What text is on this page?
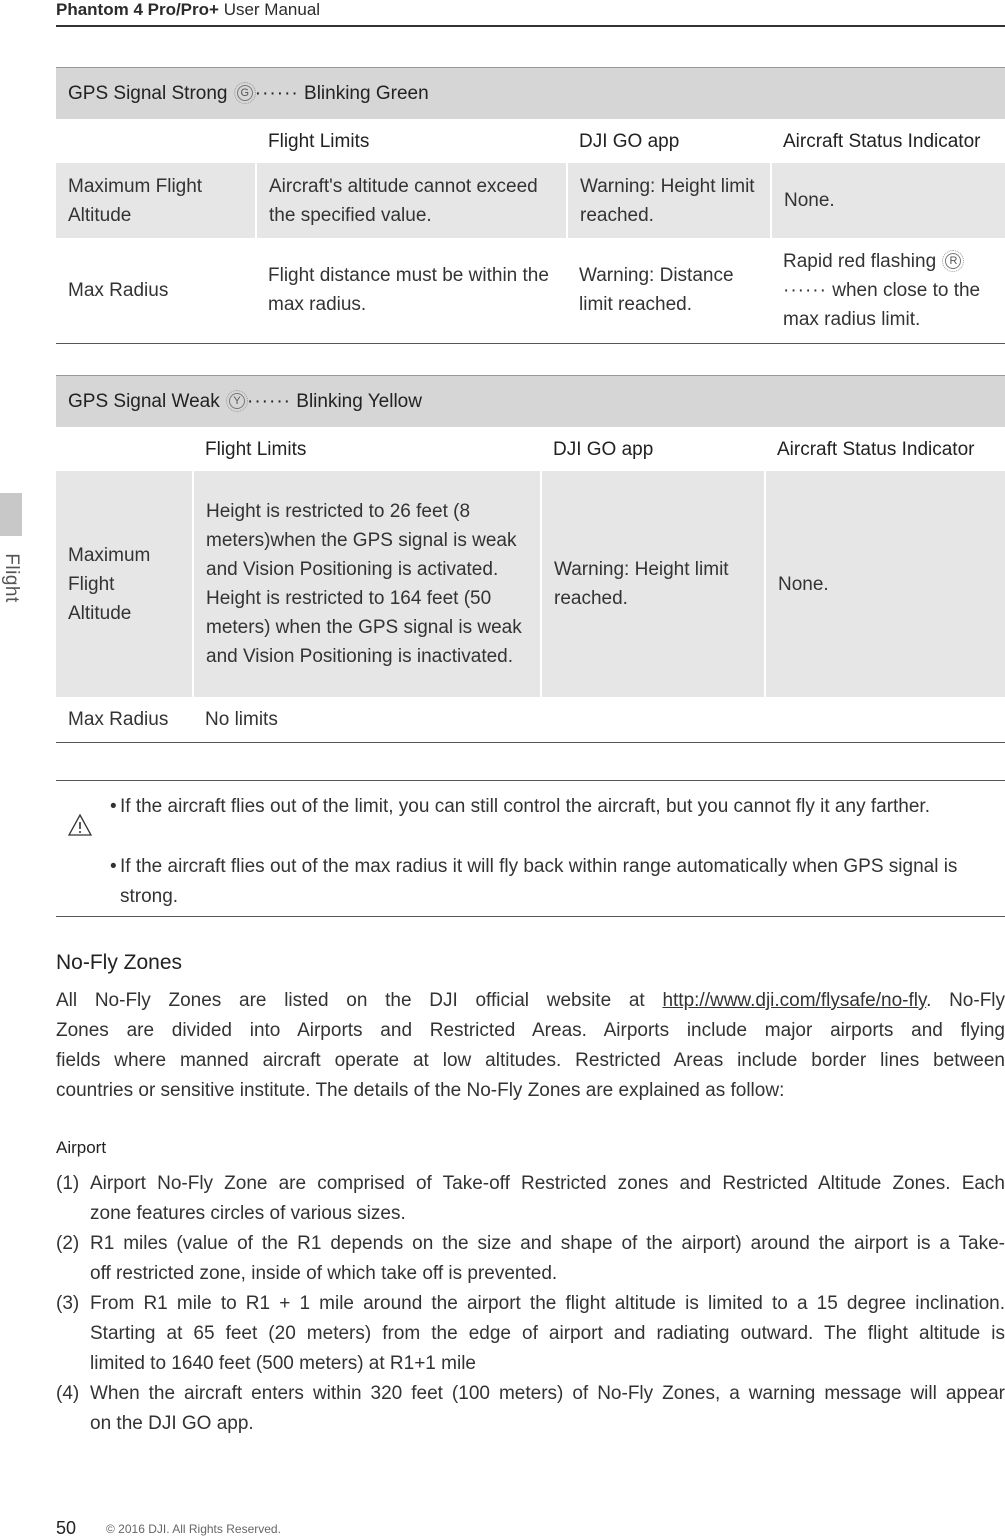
Phantom 4 Pro/Pro+ User Manual
Flight
GPS Signal Strong G ······ Blinking Green			
	Flight Limits	DJI GO app	Aircraft Status Indicator
Maximum Flight Altitude	Aircraft's altitude cannot exceed the specified value.	Warning: Height limit reached.	None.
Max Radius	Flight distance must be within the max radius.	Warning: Distance limit reached.	Rapid red flashing R
······ when close to the max radius limit.
GPS Signal Weak Y ······ Blinking Yellow			
	Flight Limits	DJI GO app	Aircraft Status Indicator
Maximum Flight Altitude	Height is restricted to 26 feet (8 meters)when the GPS signal is weak and Vision Positioning is activated. Height is restricted to 164 feet (50 meters) when the GPS signal is weak and Vision Positioning is inactivated.	Warning: Height limit reached.	None.
Max Radius	No limits		
• If the aircraft flies out of the limit, you can still control the aircraft, but you cannot fly it any farther.
• If the aircraft flies out of the max radius it will fly back within range automatically when GPS signal is strong.
No-Fly Zones
All No-Fly Zones are listed on the DJI official website at http://www.dji.com/flysafe/no-fly. No-Fly
Zones are divided into Airports and Restricted Areas. Airports include major airports and flying
fields where manned aircraft operate at low altitudes. Restricted Areas include border lines between
countries or sensitive institute. The details of the No-Fly Zones are explained as follow:
Airport
(1) Airport No-Fly Zone are comprised of Take-off Restricted zones and Restricted Altitude Zones. Each
zone features circles of various sizes.
(2) R1 miles (value of the R1 depends on the size and shape of the airport) around the airport is a Take-
off restricted zone, inside of which take off is prevented.
(3) From R1 mile to R1 + 1 mile around the airport the flight altitude is limited to a 15 degree inclination.
Starting at 65 feet (20 meters) from the edge of airport and radiating outward. The flight altitude is
limited to 1640 feet (500 meters) at R1+1 mile
(4) When the aircraft enters within 320 feet (100 meters) of No-Fly Zones, a warning message will appear
on the DJI GO app.
50 © 2016 DJI. All Rights Reserved.
